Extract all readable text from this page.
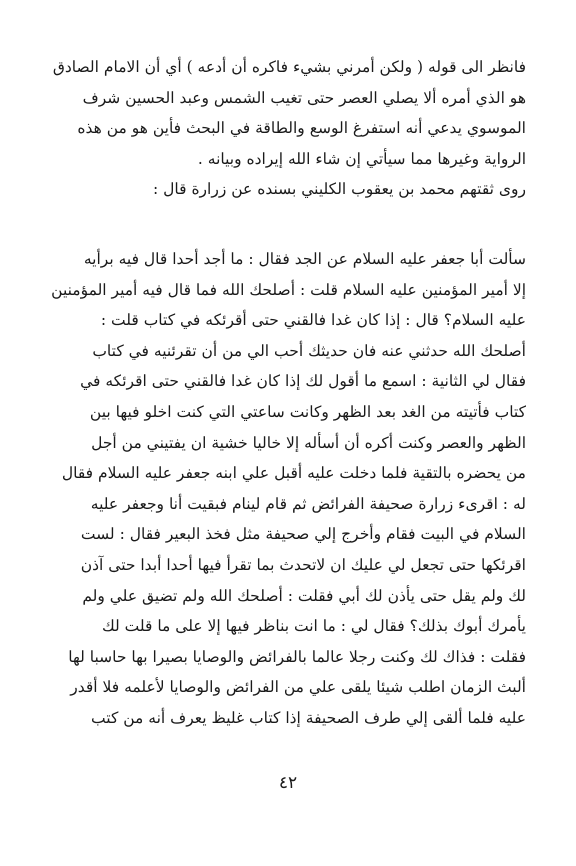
فانظر الى قوله ( ولكن أمرني بشيء فاكره أن أدعه ) أي أن الامام الصادق
هو الذي أمره ألا يصلي العصر حتى تغيب الشمس وعبد الحسين شرف
الموسوي يدعي أنه استفرغ الوسع والطاقة في البحث فأين هو من هذه
الرواية وغيرها مما سيأتي إن شاء الله إيراده وبيانه .
روى ثقتهم محمد بن يعقوب الكليني بسنده عن زرارة قال :
سألت أبا جعفر عليه السلام عن الجد فقال : ما أجد أحدا قال فيه برأيه
إلا أمير المؤمنين عليه السلام قلت : أصلحك الله فما قال فيه أمير المؤمنين
عليه السلام؟ قال : إذا كان غدا فالقني حتى أقرئكه في كتاب قلت :
أصلحك الله حدثني عنه فان حديثك أحب الي من أن تقرئنيه في كتاب
فقال لي الثانية : اسمع ما أقول لك إذا كان غدا فالقني حتى اقرئكه في
كتاب فأتيته من الغد بعد الظهر وكانت ساعتي التي كنت اخلو فيها بين
الظهر والعصر وكنت أكره أن أسأله إلا خاليا خشية ان يفتيني من أجل
من يحضره بالتقية فلما دخلت عليه أقبل علي ابنه جعفر عليه السلام فقال
له : اقرىء زرارة صحيفة الفرائض ثم قام لينام فبقيت أنا وجعفر عليه
السلام في البيت فقام وأخرج إلي صحيفة مثل فخذ البعير فقال : لست
اقرئكها حتى تجعل لي عليك ان لاتحدث بما تقرأ فيها أحدا أبدا حتى آذن
لك ولم يقل حتى يأذن لك أبي فقلت : أصلحك الله ولم تضيق علي ولم
يأمرك أبوك بذلك؟ فقال لي : ما انت بناظر فيها إلا على ما قلت لك
فقلت : فذاك لك وكنت رجلا عالما بالفرائض والوصايا بصيرا بها حاسبا لها
ألبث الزمان اطلب شيئا يلقى علي من الفرائض والوصايا لأعلمه فلا أقدر
عليه فلما ألقى إلي طرف الصحيفة إذا كتاب غليظ يعرف أنه من كتب
٤٢
